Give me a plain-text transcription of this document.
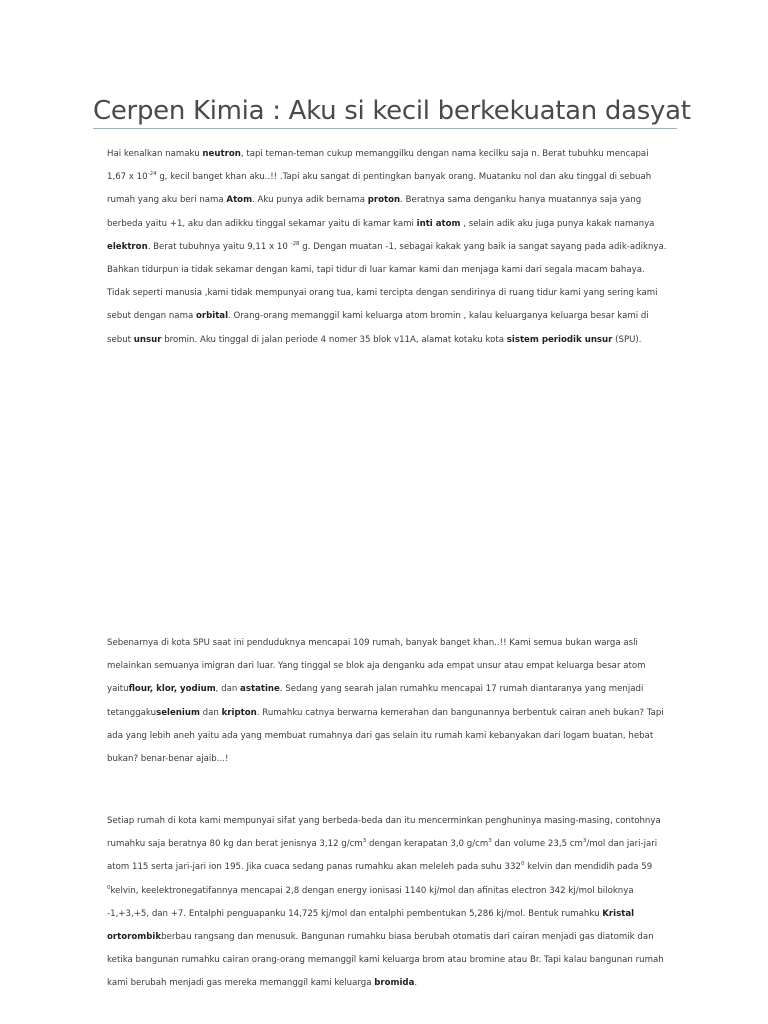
Cerpen Kimia : Aku si kecil berkekuatan dasyat

Hai kenalkan namaku neutron, tapi teman-teman cukup memanggilku dengan nama kecilku saja n. Berat tubuhku mencapai 1,67 x $10^{-24}$ g, kecil banget khan aku..!! .Tapi aku sangat di pentingkan banyak orang. Muatanku nol dan aku tinggal di sebuah rumah yang aku beri nama Atom. Aku punya adik bernama proton. Beratnya sama denganku hanya muatannya saja yang berbeda yaitu +1, aku dan adikku tinggal sekamar yaitu di kamar kami inti atom , selain adik aku juga punya kakak namanya elektron. Berat tubuhnya yaitu 9,11 x 10 $^{-28}$ g. Dengan muatan -1, sebagai kakak yang baik ia sangat sayang pada adik-adiknya. Bahkan tidurpun ia tidak sekamar dengan kami, tapi tidur di luar kamar kami dan menjaga kami dari segala macam bahaya. Tidak seperti manusia ,kami tidak mempunyai orang tua, kami tercipta dengan sendirinya di ruang tidur kami yang sering kami sebut dengan nama orbital. Orang-orang memanggil kami keluarga atom bromin , kalau keluarganya keluarga besar kami di sebut unsur bromin. Aku tinggal di jalan periode 4 nomer 35 blok v11A, alamat kotaku kota sistem periodik unsur (SPU).

Sebenarnya di kota SPU saat ini penduduknya mencapai 109 rumah, banyak banget khan..!! Kami semua bukan warga asli melainkan semuanya imigran dari luar. Yang tinggal se blok aja denganku ada empat unsur atau empat keluarga besar atom yaituflour, klor, yodium, dan astatine. Sedang yang searah jalan rumahku mencapai 17 rumah diantaranya yang menjadi tetanggakuselenium dan kripton. Rumahku catnya berwarna kemerahan dan bangunannya berbentuk cairan aneh bukan? Tapi ada yang lebih aneh yaitu ada yang membuat rumahnya dari gas selain itu rumah kami kebanyakan dari logam buatan, hebat bukan? benar-benar ajaib...!

Setiap rumah di kota kami mempunyai sifat yang berbeda-beda dan itu mencerminkan penghuninya masing-masing, contohnya rumahku saja beratnya 80 kg dan berat jenisnya 3,12 $g/cm^3$ dengan kerapatan 3,0 $g/cm^3$ dan volume 23,5 $cm^3$/mol dan jari-jari atom 115 serta jari-jari ion 195. Jika cuaca sedang panas rumahku akan meleleh pada suhu $332^0$ kelvin dan mendidih pada 59 $^0$kelvin, keelektronegatifannya mencapai 2,8 dengan energy ionisasi 1140 kj/mol dan afinitas electron 342 kj/mol biloknya -1,+3,+5, dan +7. Entalphi penguapanku 14,725 kj/mol dan entalphi pembentukan 5,286 kj/mol. Bentuk rumahku Kristal ortorombikberbau rangsang dan menusuk. Bangunan rumahku biasa berubah otomatis dari cairan menjadi gas diatomik dan ketika bangunan rumahku cairan orang-orang memanggil kami keluarga brom atau bromine atau Br. Tapi kalau bangunan rumah kami berubah menjadi gas mereka memanggil kami keluarga bromida.
